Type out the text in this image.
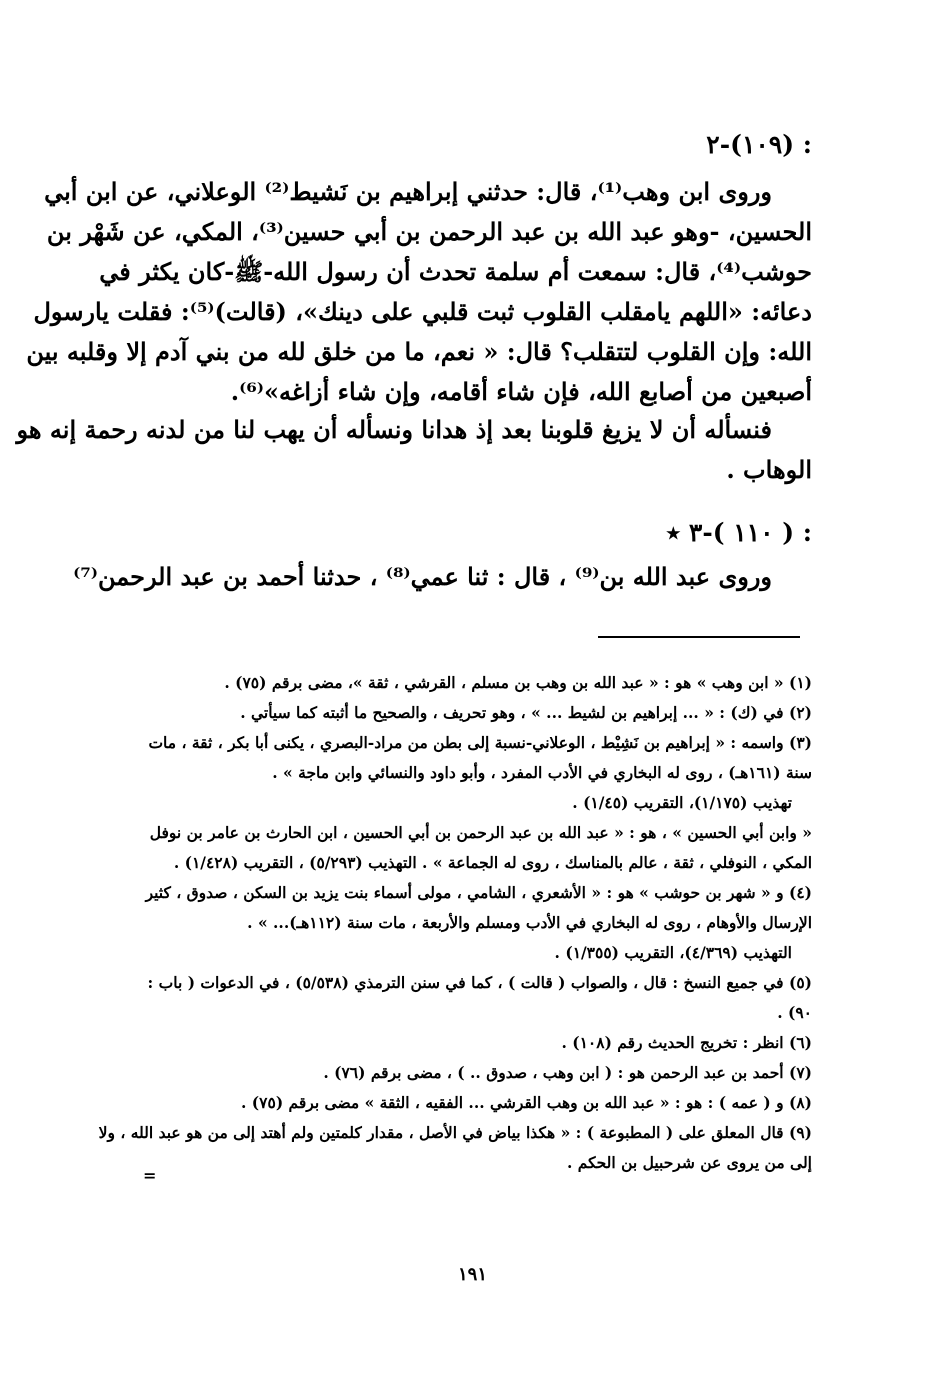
: (١٠٩)-٢
وروى ابن وهب⁽¹⁾، قال: حدثني إبراهيم بن نَشيط⁽²⁾ الوعلاني، عن ابن أبي
الحسين، -وهو عبد الله بن عبد الرحمن بن أبي حسين⁽³⁾، المكي، عن شَهْر بن
حوشب⁽⁴⁾، قال: سمعت أم سلمة تحدث أن رسول الله-ﷺ-كان يكثر في
دعائه: «اللهم يامقلب القلوب ثبت قلبي على دينك»، (قالت)⁽⁵⁾: فقلت يارسول
الله: وإن القلوب لتتقلب؟ قال: « نعم، ما من خلق لله من بني آدم إلا وقلبه بين
أصبعين من أصابع الله، فإن شاء أقامه، وإن شاء أزاغه»⁽⁶⁾.
فنسأله أن لا يزيغ قلوبنا بعد إذ هدانا ونسأله أن يهب لنا من لدنه رحمة إنه هو
الوهاب .
: ( ١١٠ )-٣ ٭
وروى عبد الله بن⁽⁹⁾ ، قال : ثنا عمي⁽⁸⁾ ، حدثنا أحمد بن عبد الرحمن⁽⁷⁾
(١) « ابن وهب » هو : « عبد الله بن وهب بن مسلم ، القرشي ، ثقة »، مضى برقم (٧٥) .
(٢) في (ك) : « ... إبراهيم بن لشيط ... » ، وهو تحريف ، والصحيح ما أثبته كما سيأتي .
(٣) واسمه : « إبراهيم بن نَشِيْط ، الوعلاني-نسبة إلى بطن من مراد-البصري ، يكنى أبا بكر ، ثقة ، مات
سنة (١٦١هـ) ، روى له البخاري في الأدب المفرد ، وأبو داود والنسائي وابن ماجة » .
تهذيب (١/١٧٥)، التقريب (١/٤٥) .
« وابن أبي الحسين » ، هو : « عبد الله بن عبد الرحمن بن أبي الحسين ، ابن الحارث بن عامر بن نوفل
المكي ، النوفلي ، ثقة ، عالم بالمناسك ، روى له الجماعة » . التهذيب (٥/٢٩٣) ، التقريب (١/٤٢٨) .
(٤) و « شهر بن حوشب » هو : « الأشعري ، الشامي ، مولى أسماء بنت يزيد بن السكن ، صدوق ، كثير
الإرسال والأوهام ، روى له البخاري في الأدب ومسلم والأربعة ، مات سنة (١١٢هـ)... » .
التهذيب (٤/٣٦٩)، التقريب (١/٣٥٥) .
(٥) في جميع النسخ : قال ، والصواب ( قالت ) ، كما في سنن الترمذي (٥/٥٣٨) ، في الدعوات ( باب :
٩٠) .
(٦) انظر : تخريج الحديث رقم (١٠٨) .
(٧) أحمد بن عبد الرحمن هو : ( ابن وهب ، صدوق .. ) ، مضى برقم (٧٦) .
(٨) و ( عمه ) : هو : « عبد الله بن وهب القرشي ... الفقيه ، الثقة » مضى برقم (٧٥) .
(٩) قال المعلق على ( المطبوعة ) : « هكذا بياض في الأصل ، مقدار كلمتين ولم أهتد إلى من هو عبد الله ، ولا
إلى من يروى عن شرحبيل بن الحكم .
=
١٩١
